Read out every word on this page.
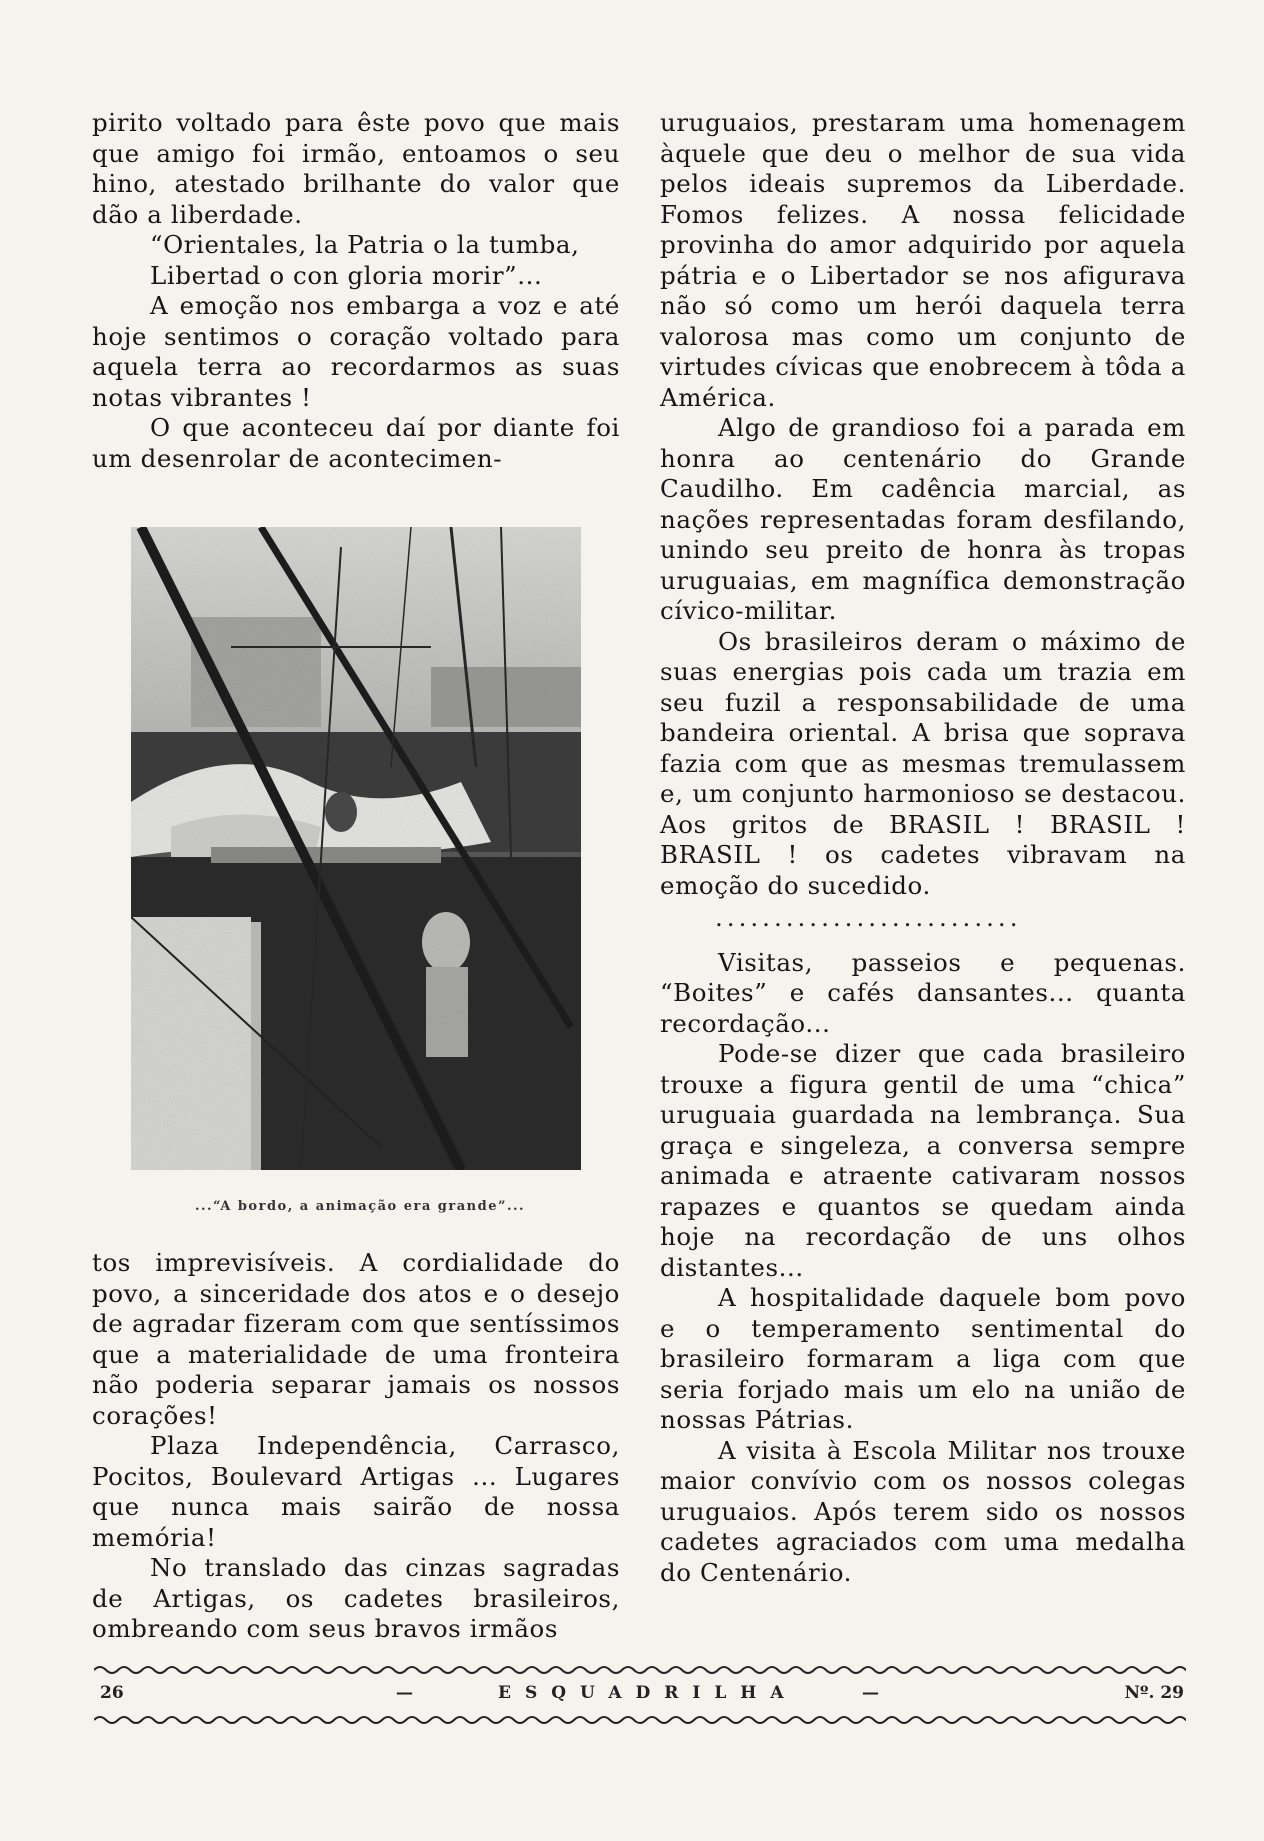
pirito voltado para êste povo que mais que amigo foi irmão, entoamos o seu hino, atestado brilhante do valor que dão a liberdade.

“Orientales, la Patria o la tumba,

Libertad o con gloria morir”...

A emoção nos embarga a voz e até hoje sentimos o coração voltado para aquela terra ao recordarmos as suas notas vibrantes !

O que aconteceu daí por diante foi um desenrolar de acontecimen-

...“A bordo, a animação era grande”...

tos imprevisíveis. A cordialidade do povo, a sinceridade dos atos e o desejo de agradar fizeram com que sentíssimos que a materialidade de uma fronteira não poderia separar jamais os nossos corações!

Plaza Independência, Carrasco, Pocitos, Boulevard Artigas ... Lugares que nunca mais sairão de nossa memória!

No translado das cinzas sagradas de Artigas, os cadetes brasileiros, ombreando com seus bravos irmãos

uruguaios, prestaram uma homenagem àquele que deu o melhor de sua vida pelos ideais supremos da Liberdade. Fomos felizes. A nossa felicidade provinha do amor adquirido por aquela pátria e o Libertador se nos afigurava não só como um herói daquela terra valorosa mas como um conjunto de virtudes cívicas que enobrecem à tôda a América.

Algo de grandioso foi a parada em honra ao centenário do Grande Caudilho. Em cadência marcial, as nações representadas foram desfilando, unindo seu preito de honra às tropas uruguaias, em magnífica demonstração cívico-militar.

Os brasileiros deram o máximo de suas energias pois cada um trazia em seu fuzil a responsabilidade de uma bandeira oriental. A brisa que soprava fazia com que as mesmas tremulassem e, um conjunto harmonioso se destacou. Aos gritos de BRASIL ! BRASIL ! BRASIL ! os cadetes vibravam na emoção do sucedido.

..........................

Visitas, passeios e pequenas. “Boites” e cafés dansantes... quanta recordação...

Pode-se dizer que cada brasileiro trouxe a figura gentil de uma “chica” uruguaia guardada na lembrança. Sua graça e singeleza, a conversa sempre animada e atraente cativaram nossos rapazes e quantos se quedam ainda hoje na recordação de uns olhos distantes...

A hospitalidade daquele bom povo e o temperamento sentimental do brasileiro formaram a liga com que seria forjado mais um elo na união de nossas Pátrias.

A visita à Escola Militar nos trouxe maior convívio com os nossos colegas uruguaios. Após terem sido os nossos cadetes agraciados com uma medalha do Centenário.

26	—	ESQUADRILHA	—	Nº. 29
